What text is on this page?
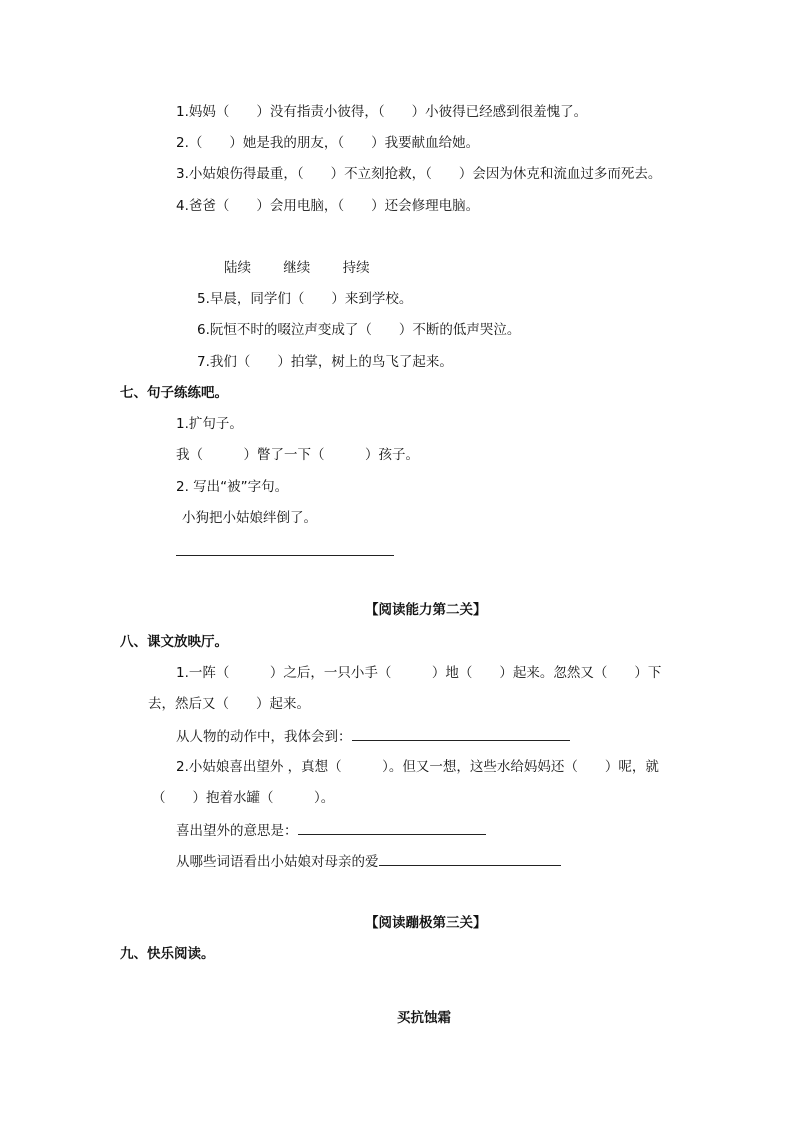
1.妈妈（　　）没有指责小彼得，（　　）小彼得已经感到很羞愧了。
2.（　　）她是我的朋友，（　　）我要献血给她。
3.小姑娘伤得最重，（　　）不立刻抢救，（　　）会因为休克和流血过多而死去。
4.爸爸（　　）会用电脑，（　　）还会修理电脑。
陆续 继续 持续
5.早晨，同学们（　　）来到学校。
6.阮恒不时的啜泣声变成了（　　）不断的低声哭泣。
7.我们（　　）拍掌，树上的鸟飞了起来。
七、句子练练吧。
1.扩句子。
我（　　　）瞥了一下（　　　）孩子。
2. 写出“被”字句。
小狗把小姑娘绊倒了。
【阅读能力第二关】
八、课文放映厅。
1.一阵（　　　）之后，一只小手（　　　）地（　　）起来。忽然又（　　）下
去，然后又（　　）起来。
从人物的动作中，我体会到：
2.小姑娘喜出望外 ，真想（　　　）。但又一想，这些水给妈妈还（　　）呢，就
（　　）抱着水罐（　　　）。
喜出望外的意思是：
从哪些词语看出小姑娘对母亲的爱
【阅读蹦极第三关】
九、快乐阅读。
买抗蚀霜
